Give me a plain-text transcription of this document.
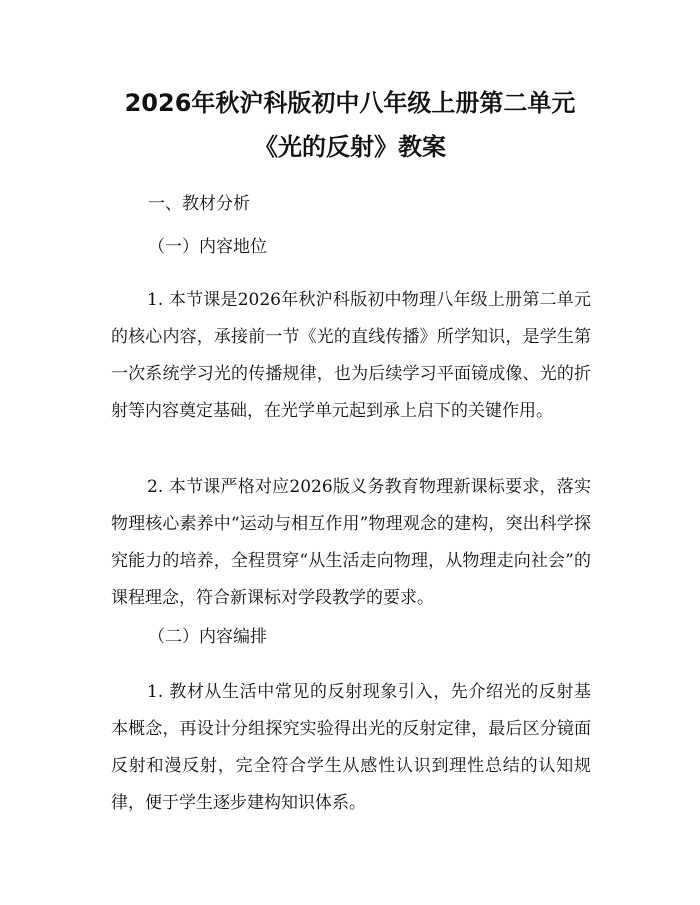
2026年秋沪科版初中八年级上册第二单元
《光的反射》教案
一、教材分析
（一）内容地位

1. 本节课是2026年秋沪科版初中物理八年级上册第二单元的核心内容，承接前一节《光的直线传播》所学知识，是学生第一次系统学习光的传播规律，也为后续学习平面镜成像、光的折射等内容奠定基础，在光学单元起到承上启下的关键作用。

2. 本节课严格对应2026版义务教育物理新课标要求，落实物理核心素养中“运动与相互作用”物理观念的建构，突出科学探究能力的培养，全程贯穿“从生活走向物理，从物理走向社会”的课程理念，符合新课标对学段教学的要求。

（二）内容编排

1. 教材从生活中常见的反射现象引入，先介绍光的反射基本概念，再设计分组探究实验得出光的反射定律，最后区分镜面反射和漫反射，完全符合学生从感性认识到理性总结的认知规律，便于学生逐步建构知识体系。
